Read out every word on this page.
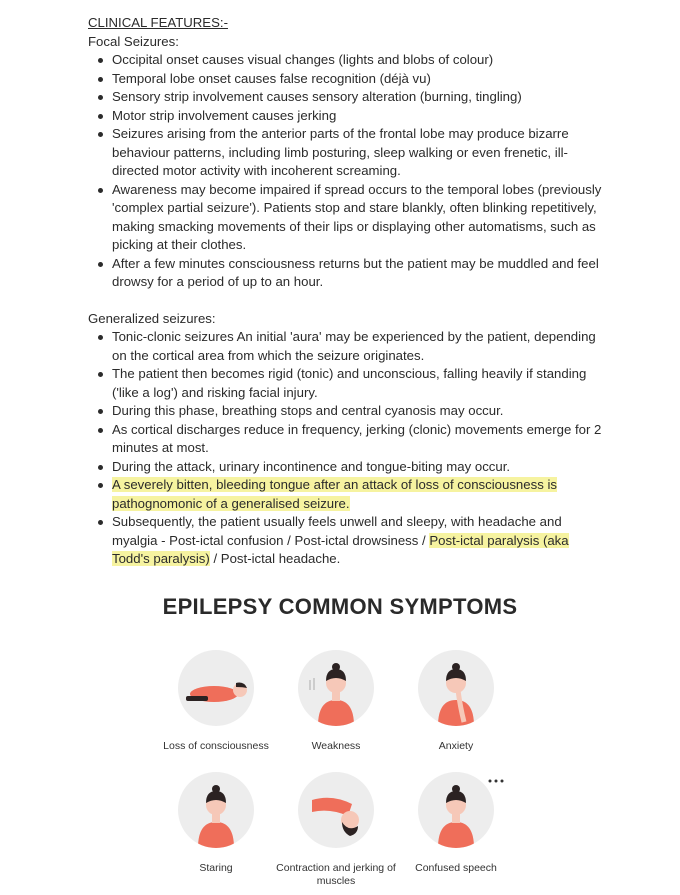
CLINICAL FEATURES:-
Focal Seizures:
Occipital onset causes visual changes (lights and blobs of colour)
Temporal lobe onset causes false recognition (déjà vu)
Sensory strip involvement causes sensory alteration (burning, tingling)
Motor strip involvement causes jerking
Seizures arising from the anterior parts of the frontal lobe may produce bizarre behaviour patterns, including limb posturing, sleep walking or even frenetic, ill-directed motor activity with incoherent screaming.
Awareness may become impaired if spread occurs to the temporal lobes (previously 'complex partial seizure'). Patients stop and stare blankly, often blinking repetitively, making smacking movements of their lips or displaying other automatisms, such as picking at their clothes.
After a few minutes consciousness returns but the patient may be muddled and feel drowsy for a period of up to an hour.
Generalized seizures:
Tonic-clonic seizures An initial 'aura' may be experienced by the patient, depending on the cortical area from which the seizure originates.
The patient then becomes rigid (tonic) and unconscious, falling heavily if standing ('like a log') and risking facial injury.
During this phase, breathing stops and central cyanosis may occur.
As cortical discharges reduce in frequency, jerking (clonic) movements emerge for 2 minutes at most.
During the attack, urinary incontinence and tongue-biting may occur.
A severely bitten, bleeding tongue after an attack of loss of consciousness is pathognomonic of a generalised seizure.
Subsequently, the patient usually feels unwell and sleepy, with headache and myalgia - Post-ictal confusion / Post-ictal drowsiness / Post-ictal paralysis (aka Todd's paralysis) / Post-ictal headache.
EPILEPSY COMMON SYMPTOMS
Loss of consciousness	Weakness	Anxiety
Staring	Contraction and jerking of muscles
Confused speech
